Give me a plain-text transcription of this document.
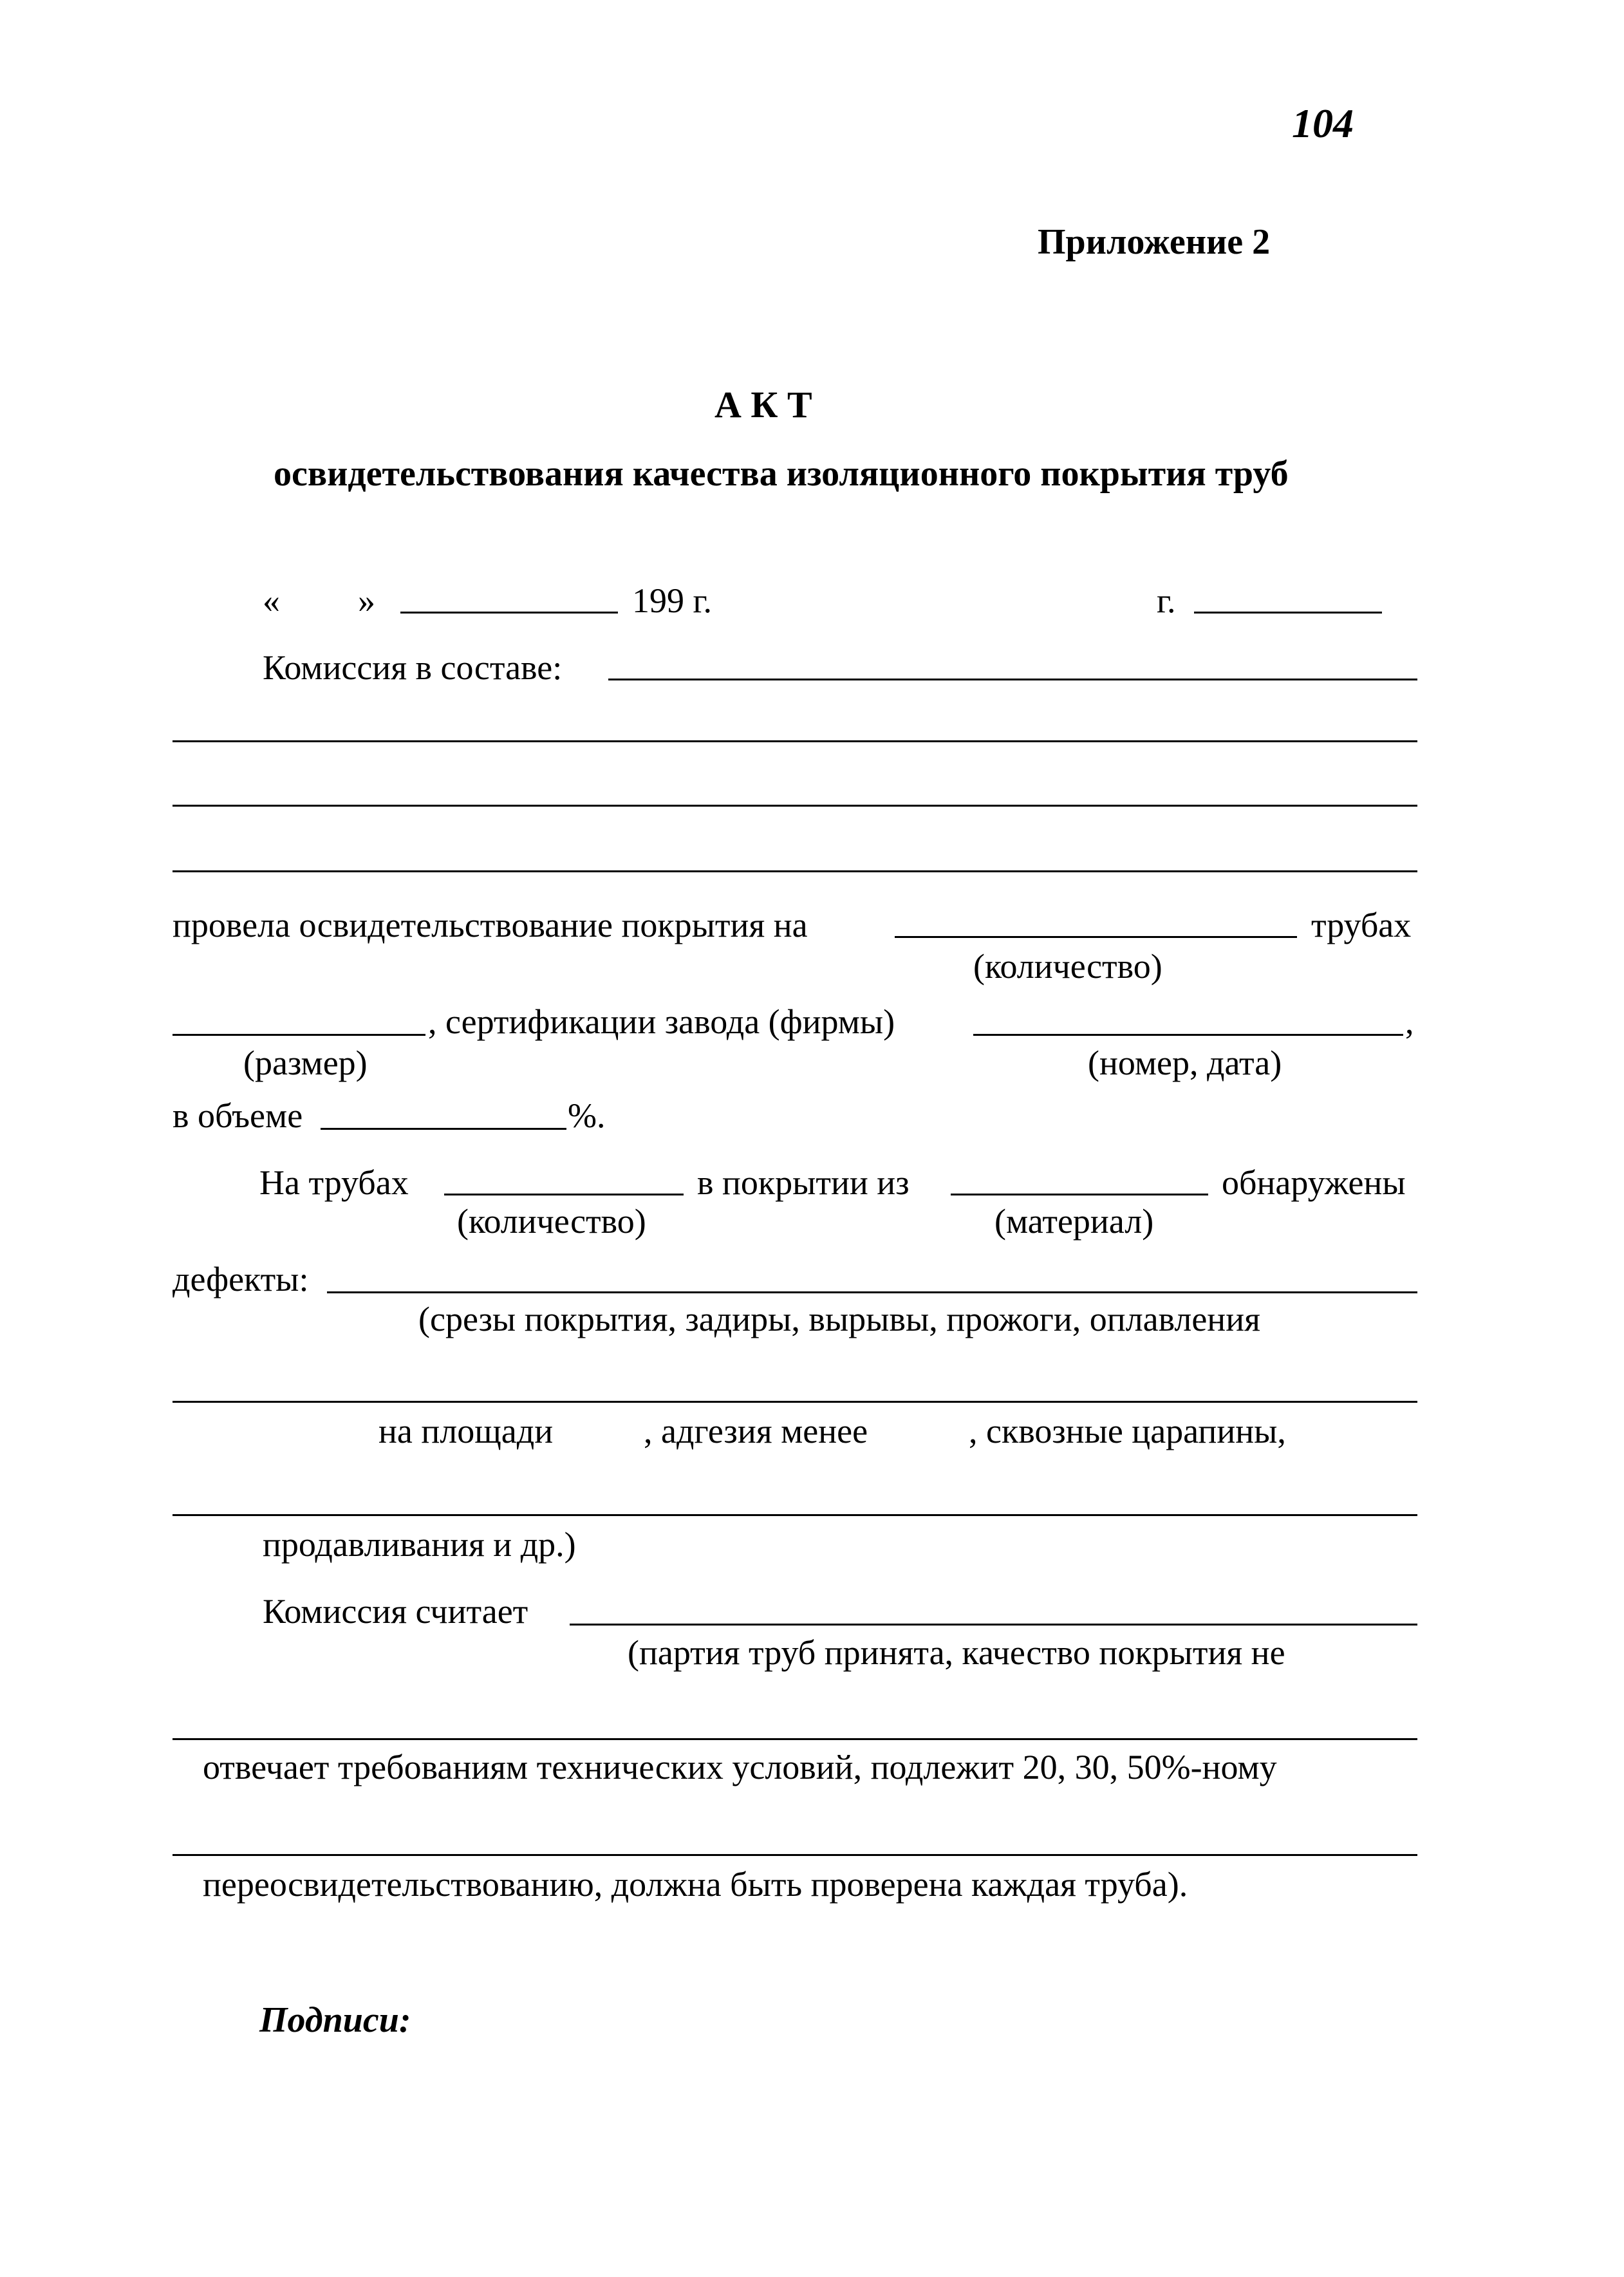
104
Приложение 2
А К Т
освидетельствования качества изоляционного покрытия труб
« »	199 г.	г.
Комиссия в составе:
провела освидетельствование покрытия на	трубах
(количество)
, сертификации завода (фирмы)	,
(размер)	(номер, дата)
в объеме	%.
На трубах	в покрытии из	обнаружены
(количество)	(материал)
дефекты:
(срезы покрытия, задиры, вырывы, прожоги, оплавления
на площади	, адгезия менее	, сквозные царапины,
продавливания и др.)
Комиссия считает
(партия труб принята, качество покрытия не
отвечает требованиям технических условий, подлежит 20, 30, 50%-ному
переосвидетельствованию, должна быть проверена каждая труба).
Подписи:
